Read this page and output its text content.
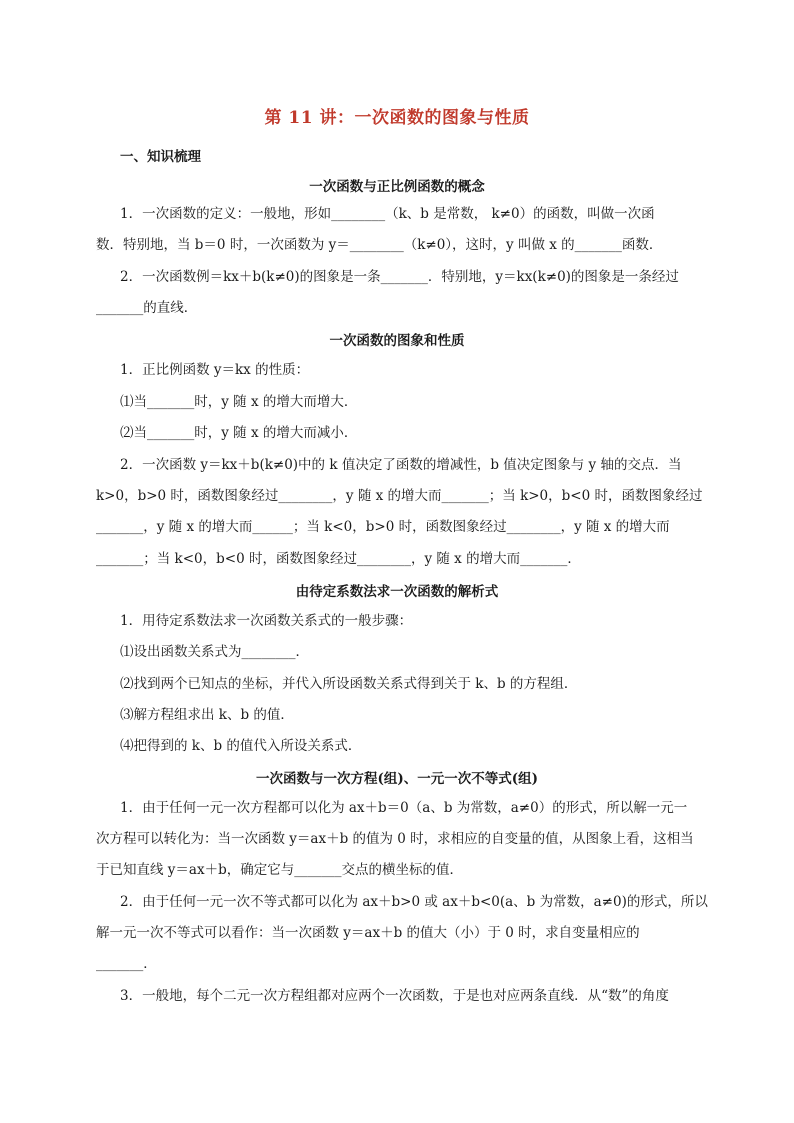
第 11 讲：一次函数的图象与性质
一、知识梳理
一次函数与正比例函数的概念
1．一次函数的定义：一般地，形如________（k、b 是常数， k≠0）的函数，叫做一次函
数．特别地，当 b＝0 时，一次函数为 y＝________（k≠0），这时，y 叫做 x 的_______函数．
2．一次函数例＝kx＋b(k≠0)的图象是一条_______．特别地，y＝kx(k≠0)的图象是一条经过
_______的直线．
一次函数的图象和性质
1．正比例函数 y＝kx 的性质：
⑴当_______时，y 随 x 的增大而增大．
⑵当_______时，y 随 x 的增大而减小．
2．一次函数 y＝kx＋b(k≠0)中的 k 值决定了函数的增减性，b 值决定图象与 y 轴的交点．当
k>0，b>0 时，函数图象经过________，y 随 x 的增大而_______；当 k>0，b<0 时，函数图象经过
_______，y 随 x 的增大而______；当 k<0，b>0 时，函数图象经过________，y 随 x 的增大而
_______；当 k<0，b<0 时，函数图象经过________，y 随 x 的增大而_______．
由待定系数法求一次函数的解析式
1．用待定系数法求一次函数关系式的一般步骤：
⑴设出函数关系式为________．
⑵找到两个已知点的坐标，并代入所设函数关系式得到关于 k、b 的方程组．
⑶解方程组求出 k、b 的值．
⑷把得到的 k、b 的值代入所设关系式．
一次函数与一次方程(组)、一元一次不等式(组)
1．由于任何一元一次方程都可以化为 ax＋b＝0（a、b 为常数，a≠0）的形式，所以解一元一
次方程可以转化为：当一次函数 y＝ax＋b 的值为 0 时，求相应的自变量的值，从图象上看，这相当
于已知直线 y＝ax＋b，确定它与_______交点的横坐标的值．
2．由于任何一元一次不等式都可以化为 ax＋b>0 或 ax＋b<0(a、b 为常数，a≠0)的形式，所以
解一元一次不等式可以看作：当一次函数 y＝ax＋b 的值大（小）于 0 时，求自变量相应的
_______．
3．一般地，每个二元一次方程组都对应两个一次函数，于是也对应两条直线．从“数”的角度
